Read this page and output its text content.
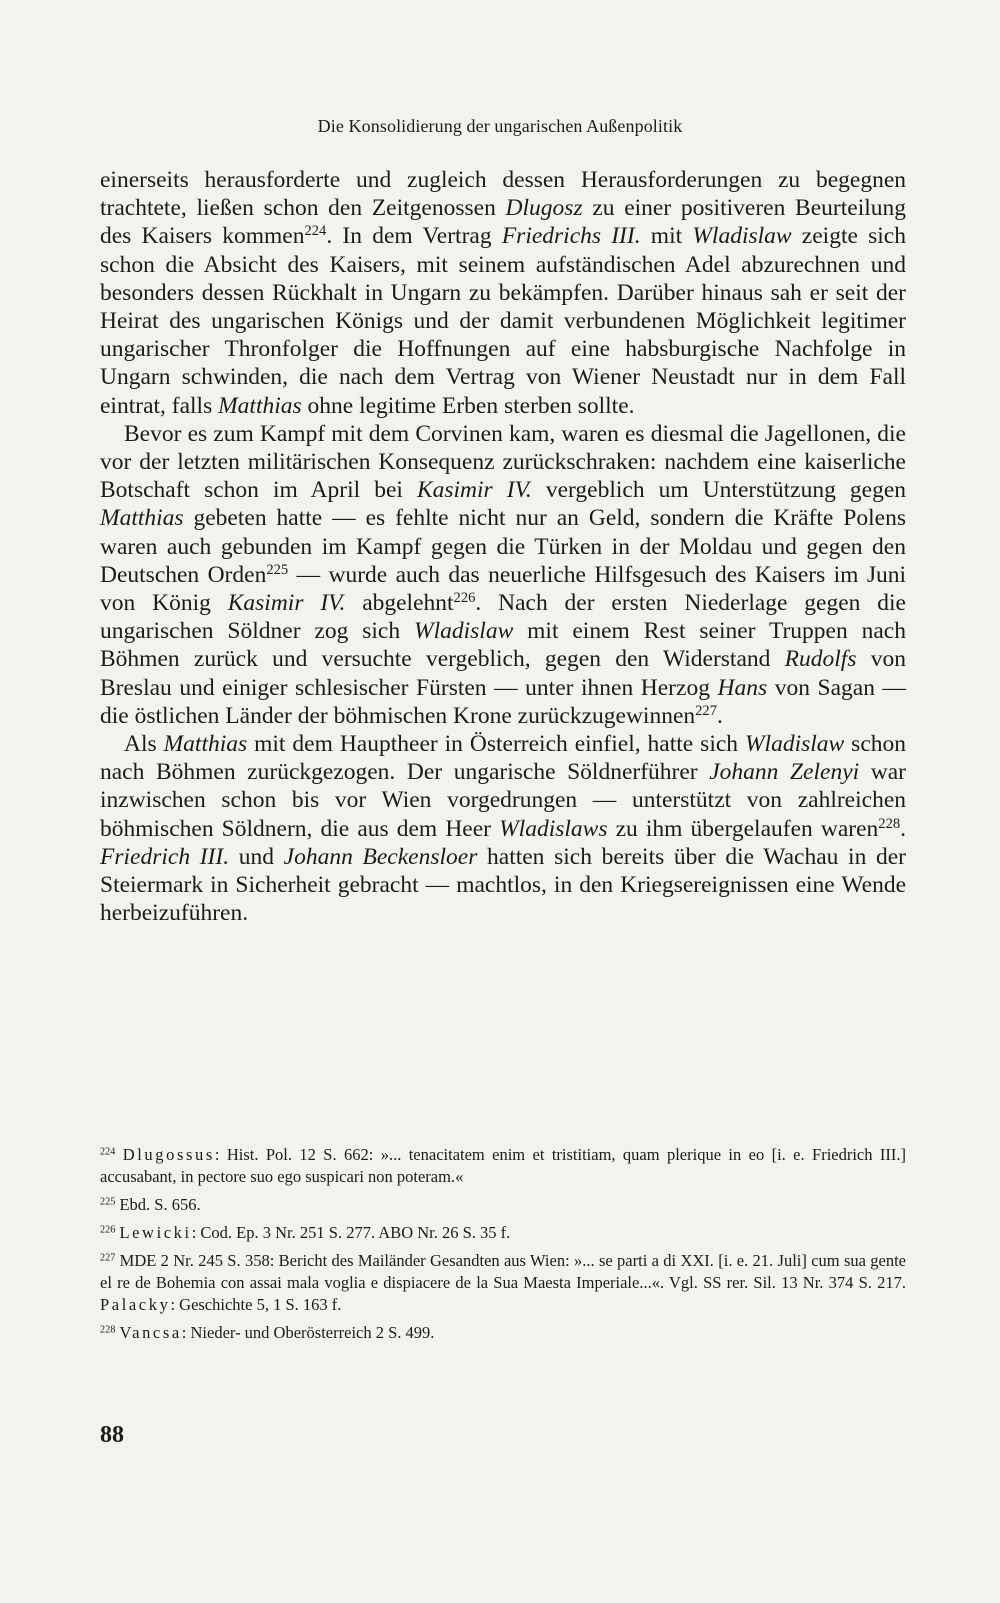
Die Konsolidierung der ungarischen Außenpolitik

einerseits herausforderte und zugleich dessen Herausforderungen zu begegnen trachtete, ließen schon den Zeitgenossen Dlugosz zu einer positiveren Beurteilung des Kaisers kommen$^{224}$. In dem Vertrag Friedrichs III. mit Wladislaw zeigte sich schon die Absicht des Kaisers, mit seinem aufständischen Adel abzurechnen und besonders dessen Rückhalt in Ungarn zu bekämpfen. Darüber hinaus sah er seit der Heirat des ungarischen Königs und der damit verbundenen Möglichkeit legitimer ungarischer Thronfolger die Hoffnungen auf eine habsburgische Nachfolge in Ungarn schwinden, die nach dem Vertrag von Wiener Neustadt nur in dem Fall eintrat, falls Matthias ohne legitime Erben sterben sollte.

Bevor es zum Kampf mit dem Corvinen kam, waren es diesmal die Jagellonen, die vor der letzten militärischen Konsequenz zurückschraken: nachdem eine kaiserliche Botschaft schon im April bei Kasimir IV. vergeblich um Unterstützung gegen Matthias gebeten hatte — es fehlte nicht nur an Geld, sondern die Kräfte Polens waren auch gebunden im Kampf gegen die Türken in der Moldau und gegen den Deutschen Orden$^{225}$ — wurde auch das neuerliche Hilfsgesuch des Kaisers im Juni von König Kasimir IV. abgelehnt$^{226}$. Nach der ersten Niederlage gegen die ungarischen Söldner zog sich Wladislaw mit einem Rest seiner Truppen nach Böhmen zurück und versuchte vergeblich, gegen den Widerstand Rudolfs von Breslau und einiger schlesischer Fürsten — unter ihnen Herzog Hans von Sagan — die östlichen Länder der böhmischen Krone zurückzugewinnen$^{227}$.

Als Matthias mit dem Hauptheer in Österreich einfiel, hatte sich Wladislaw schon nach Böhmen zurückgezogen. Der ungarische Söldnerführer Johann Zelenyi war inzwischen schon bis vor Wien vorgedrungen — unterstützt von zahlreichen böhmischen Söldnern, die aus dem Heer Wladislaws zu ihm übergelaufen waren$^{228}$. Friedrich III. und Johann Beckensloer hatten sich bereits über die Wachau in der Steiermark in Sicherheit gebracht — machtlos, in den Kriegsereignissen eine Wende herbeizuführen.

$^{224}$ Dlugossus: Hist. Pol. 12 S. 662: »... tenacitatem enim et tristitiam, quam plerique in eo [i. e. Friedrich III.] accusabant, in pectore suo ego suspicari non poteram.«

$^{225}$ Ebd. S. 656.

$^{226}$ Lewicki: Cod. Ep. 3 Nr. 251 S. 277. ABO Nr. 26 S. 35 f.

$^{227}$ MDE 2 Nr. 245 S. 358: Bericht des Mailänder Gesandten aus Wien: »... se parti a di XXI. [i. e. 21. Juli] cum sua gente el re de Bohemia con assai mala voglia e dispiacere de la Sua Maesta Imperiale...«. Vgl. SS rer. Sil. 13 Nr. 374 S. 217. Palacky: Geschichte 5, 1 S. 163 f.

$^{228}$ Vancsa: Nieder- und Oberösterreich 2 S. 499.

88
